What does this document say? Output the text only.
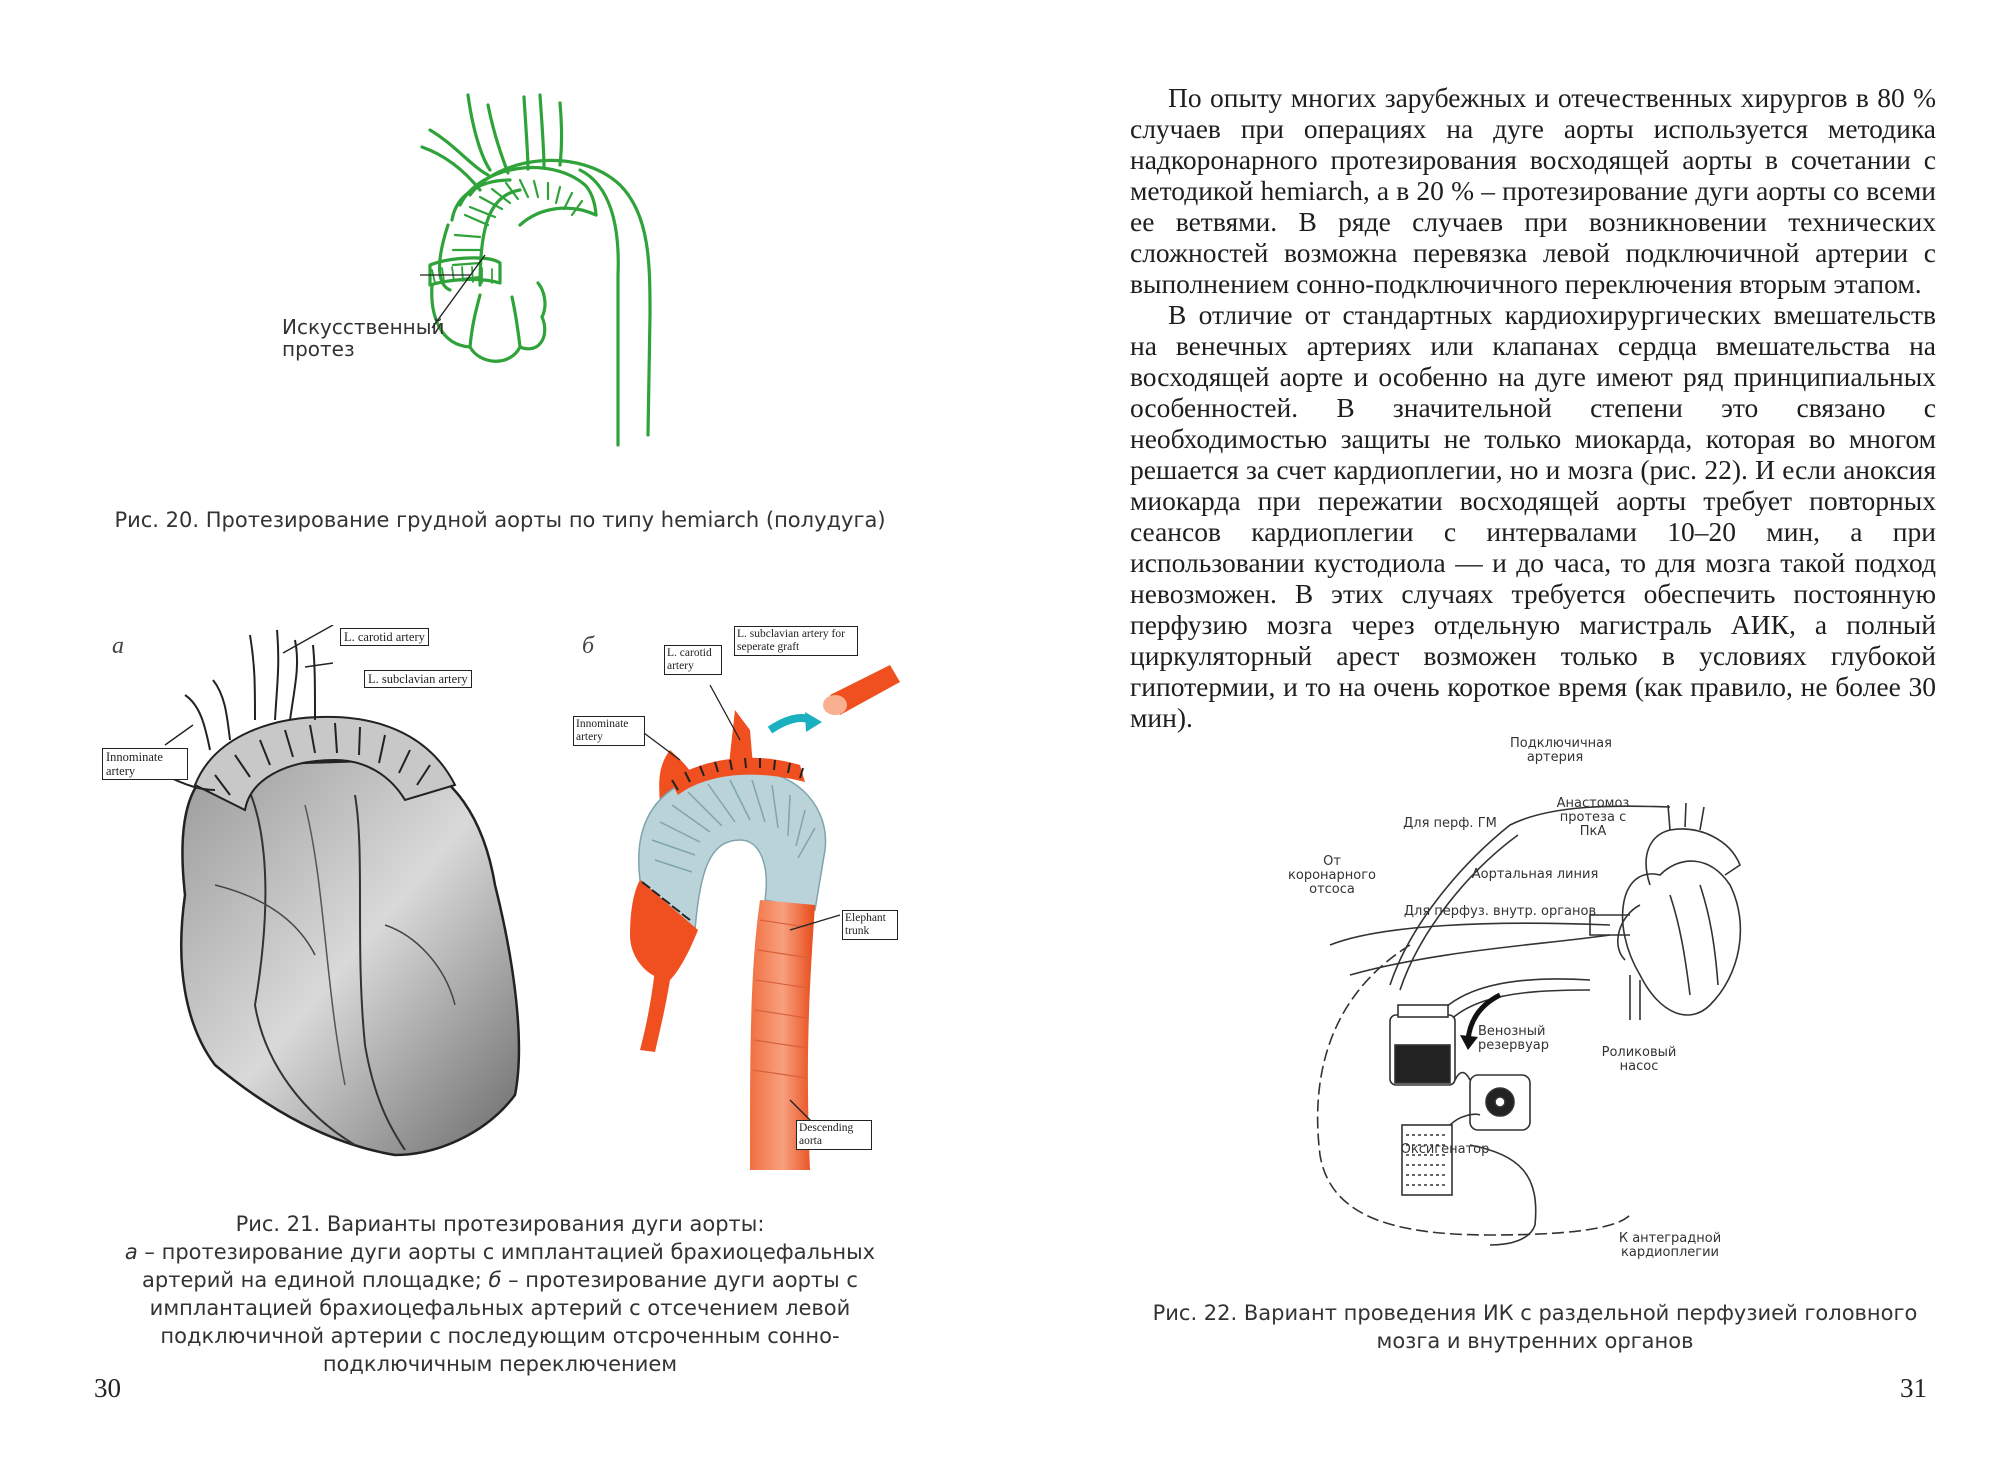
Искусственный протез
Рис. 20. Протезирование грудной аорты по типу hemiarch (полудуга)
а	L. carotid artery
L. subclavian artery
Innominate artery
б	L. carotid artery
L. subclavian artery for seperate graft
Innominate artery
Elephant trunk
Descending aorta
Рис. 21. Варианты протезирования дуги аорты:
а – протезирование дуги аорты с имплантацией брахиоцефальных артерий на единой площадке; б – протезирование дуги аорты с имплантацией брахиоцефальных артерий с отсечением левой подключичной артерии с последующим отсроченным сонно-подключичным переключением
30

По опыту многих зарубежных и отечественных хирургов в 80 % случаев при операциях на дуге аорты используется методика надкоронарного протезирования восходящей аорты в сочетании с методикой hemiarch, а в 20 % – протезирование дуги аорты со всеми ее ветвями. В ряде случаев при возникновении технических сложностей возможна перевязка левой подключичной артерии с выполнением сонно-подключичного переключения вторым этапом.

В отличие от стандартных кардиохирургических вмешательств на венечных артериях или клапанах сердца вмешательства на восходящей аорте и особенно на дуге имеют ряд принципиальных особенностей. В значительной степени это связано с необходимостью защиты не только миокарда, которая во многом решается за счет кардиоплегии, но и мозга (рис. 22). И если аноксия миокарда при пережатии восходящей аорты требует повторных сеансов кардиоплегии с интервалами 10–20 мин, а при использовании кустодиола — и до часа, то для мозга такой подход невозможен. В этих случаях требуется обеспечить постоянную перфузию мозга через отдельную магистраль АИК, а полный циркуляторный арест возможен только в условиях глубокой гипотермии, и то на очень короткое время (как правило, не более 30 мин).

Подключичная артерия
Анастомоз протеза с ПкА
Для перф. ГМ
От коронарного отсоса
Аортальная линия
Для перфуз. внутр. органов
Венозный резервуар	Роликовый насос
Оксигенатор
К антеградной кардиоплегии
Рис. 22. Вариант проведения ИК с раздельной перфузией головного мозга и внутренних органов
31
